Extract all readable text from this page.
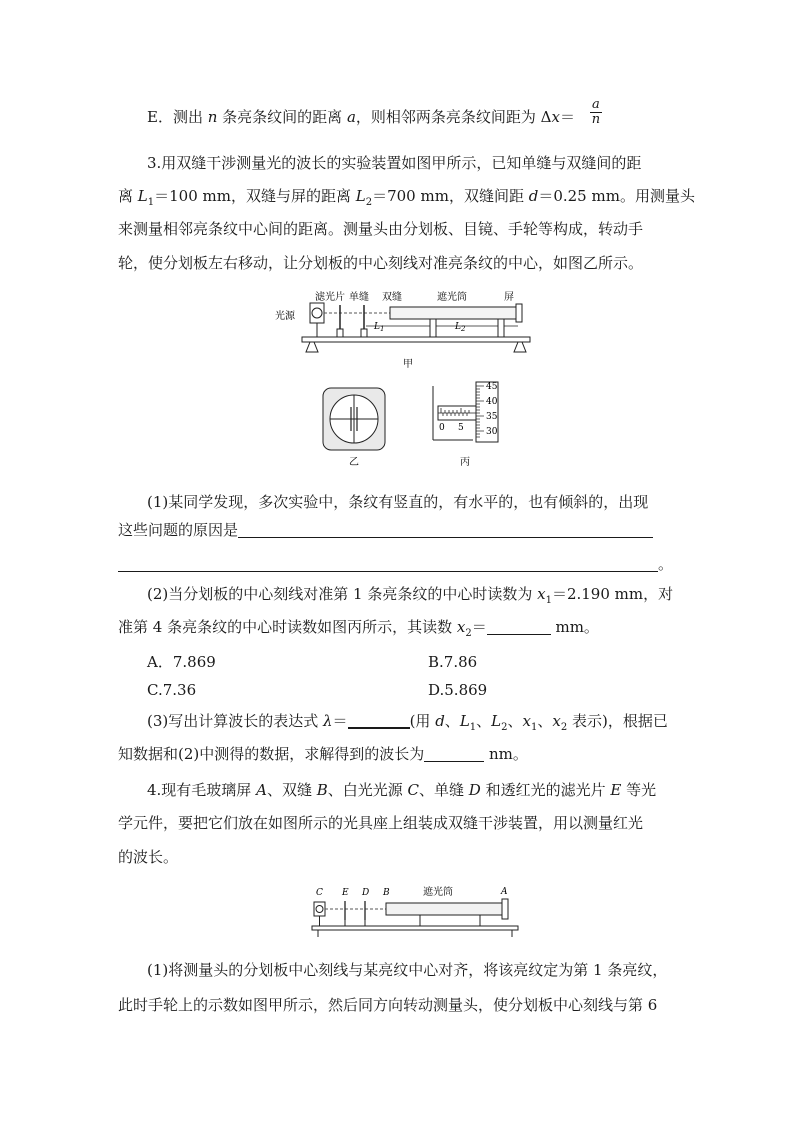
E．测出 n 条亮条纹间的距离 a，则相邻两条亮条纹间距为 $\Delta x= \frac{a}{n}$
3.用双缝干涉测量光的波长的实验装置如图甲所示，已知单缝与双缝间的距
离 $L_1=100$ mm，双缝与屏的距离 $L_2=700$ mm，双缝间距 d＝0.25 mm。用测量头
来测量相邻亮条纹中心间的距离。测量头由分划板、目镜、手轮等构成，转动手
轮，使分划板左右移动，让分划板的中心刻线对准亮条纹的中心，如图乙所示。
滤光片 单缝 双缝	遮光筒	屏
光源
$L_1$	$L_2$
甲
乙
0 5
45
40
35
30
丙
(1)某同学发现，多次实验中，条纹有竖直的，有水平的，也有倾斜的，出现
这些问题的原因是
。
(2)当分划板的中心刻线对准第 1 条亮条纹的中心时读数为 $x_1=2.190$ mm，对
准第 4 条亮条纹的中心时读数如图丙所示，其读数 $x_2=$	mm。
A．7.869	B.7.86
C.7.36	D.5.869
(3)写出计算波长的表达式 λ＝	(用 d、$L_1$、$L_2$、$x_1$、$x_2$ 表示)，根据已
知数据和(2)中测得的数据，求解得到的波长为	nm。
4.现有毛玻璃屏 A、双缝 B、白光光源 C、单缝 D 和透红光的滤光片 E 等光
学元件，要把它们放在如图所示的光具座上组装成双缝干涉装置，用以测量红光
的波长。
C E D B	遮光筒	A
(1)将测量头的分划板中心刻线与某亮纹中心对齐，将该亮纹定为第 1 条亮纹，
此时手轮上的示数如图甲所示，然后同方向转动测量头，使分划板中心刻线与第 6
